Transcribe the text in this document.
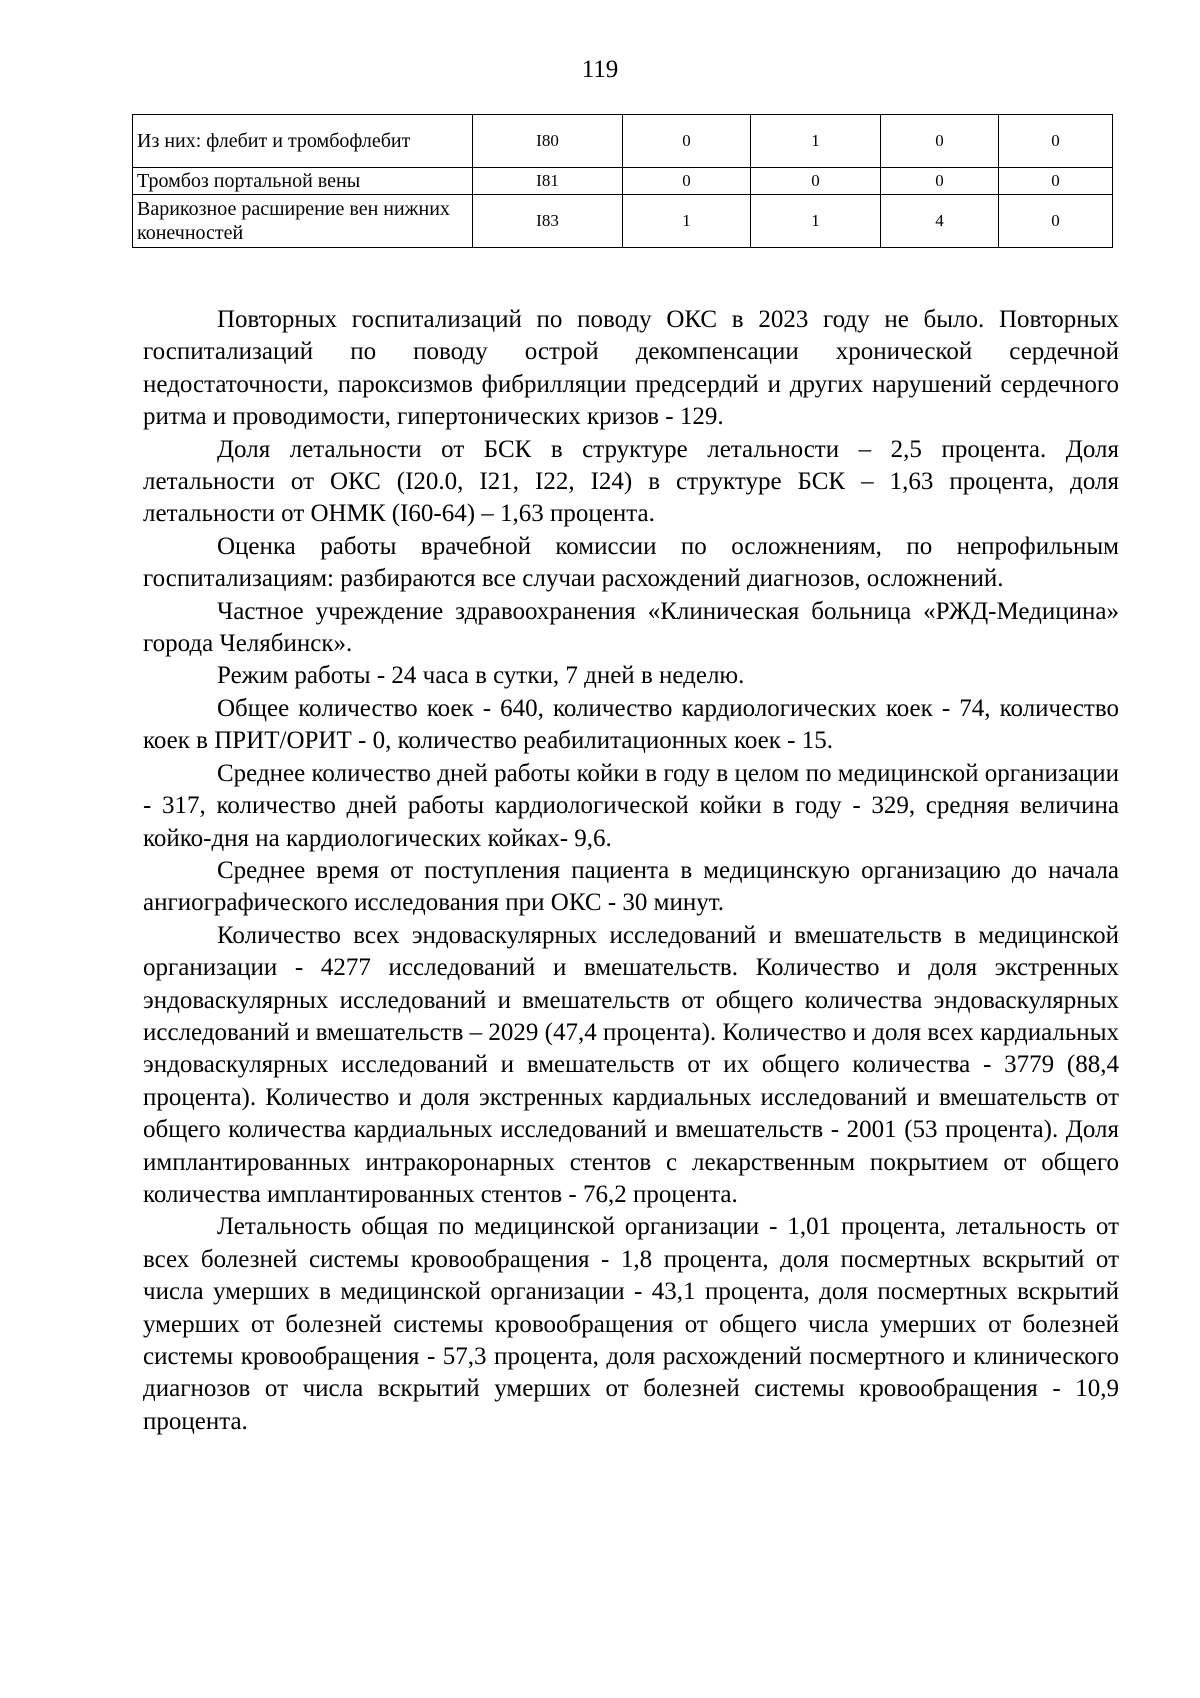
119
Из них: флебит и тромбофлебит	I80	0	1	0	0
Тромбоз портальной вены	I81	0	0	0	0
Варикозное расширение вен нижних конечностей	I83	1	1	4	0

Повторных госпитализаций по поводу ОКС в 2023 году не было. Повторных госпитализаций по поводу острой декомпенсации хронической сердечной недостаточности, пароксизмов фибрилляции предсердий и других нарушений сердечного ритма и проводимости, гипертонических кризов - 129.

Доля летальности от БСК в структуре летальности – 2,5 процента. Доля летальности от ОКС (I20.0, I21, I22, I24) в структуре БСК – 1,63 процента, доля летальности от ОНМК (I60-64) – 1,63 процента.

Оценка работы врачебной комиссии по осложнениям, по непрофильным госпитализациям: разбираются все случаи расхождений диагнозов, осложнений.

Частное учреждение здравоохранения «Клиническая больница «РЖД-Медицина» города Челябинск».

Режим работы - 24 часа в сутки, 7 дней в неделю.

Общее количество коек - 640, количество кардиологических коек - 74, количество коек в ПРИТ/ОРИТ - 0, количество реабилитационных коек - 15.

Среднее количество дней работы койки в году в целом по медицинской организации - 317, количество дней работы кардиологической койки в году - 329, средняя величина койко-дня на кардиологических койках- 9,6.

Среднее время от поступления пациента в медицинскую организацию до начала ангиографического исследования при ОКС - 30 минут.

Количество всех эндоваскулярных исследований и вмешательств в медицинской организации - 4277 исследований и вмешательств. Количество и доля экстренных эндоваскулярных исследований и вмешательств от общего количества эндоваскулярных исследований и вмешательств – 2029 (47,4 процента). Количество и доля всех кардиальных эндоваскулярных исследований и вмешательств от их общего количества - 3779 (88,4 процента). Количество и доля экстренных кардиальных исследований и вмешательств от общего количества кардиальных исследований и вмешательств - 2001 (53 процента). Доля имплантированных интракоронарных стентов с лекарственным покрытием от общего количества имплантированных стентов - 76,2 процента.

Летальность общая по медицинской организации - 1,01 процента, летальность от всех болезней системы кровообращения - 1,8 процента, доля посмертных вскрытий от числа умерших в медицинской организации - 43,1 процента, доля посмертных вскрытий умерших от болезней системы кровообращения от общего числа умерших от болезней системы кровообращения - 57,3 процента, доля расхождений посмертного и клинического диагнозов от числа вскрытий умерших от болезней системы кровообращения - 10,9 процента.
